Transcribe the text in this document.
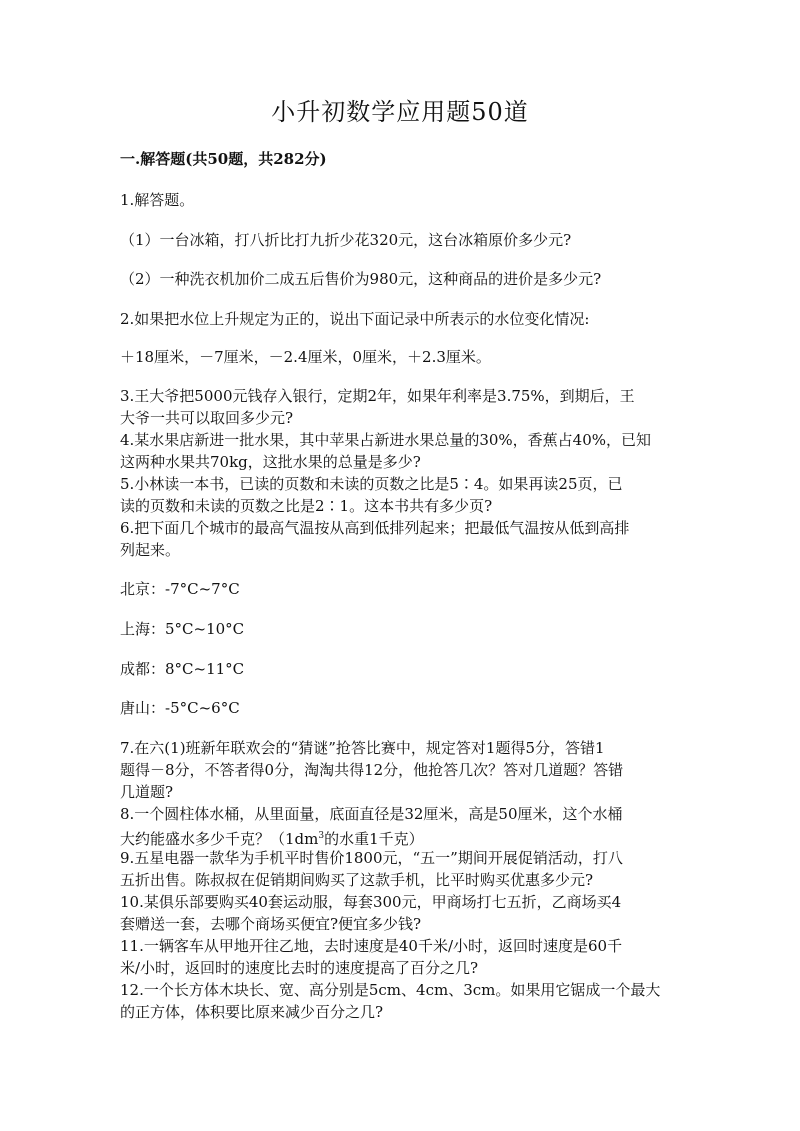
小升初数学应用题50道
一.解答题(共50题，共282分)
1.解答题。
（1）一台冰箱，打八折比打九折少花320元，这台冰箱原价多少元?
（2）一种洗衣机加价二成五后售价为980元，这种商品的进价是多少元?
2.如果把水位上升规定为正的，说出下面记录中所表示的水位变化情况:
＋18厘米，－7厘米，－2.4厘米，0厘米，＋2.3厘米。
3.王大爷把5000元钱存入银行，定期2年，如果年利率是3.75%，到期后，王
大爷一共可以取回多少元?
4.某水果店新进一批水果，其中苹果占新进水果总量的30%，香蕉占40%，已知
这两种水果共70kg，这批水果的总量是多少?
5.小林读一本书，已读的页数和未读的页数之比是5∶4。如果再读25页，已
读的页数和未读的页数之比是2∶1。这本书共有多少页?
6.把下面几个城市的最高气温按从高到低排列起来；把最低气温按从低到高排
列起来。
北京：-7°C~7°C
上海：5°C~10°C
成都：8°C~11°C
唐山：-5°C~6°C
7.在六(1)班新年联欢会的“猜谜”抢答比赛中，规定答对1题得5分，答错1
题得－8分，不答者得0分，淘淘共得12分，他抢答几次？答对几道题？答错
几道题?
8.一个圆柱体水桶，从里面量，底面直径是32厘米，高是50厘米，这个水桶
大约能盛水多少千克？（$1dm^3$的水重1千克）
9.五星电器一款华为手机平时售价1800元，“五一”期间开展促销活动，打八
五折出售。陈叔叔在促销期间购买了这款手机，比平时购买优惠多少元?
10.某俱乐部要购买40套运动服，每套300元，甲商场打七五折，乙商场买4
套赠送一套，去哪个商场买便宜?便宜多少钱?
11.一辆客车从甲地开往乙地，去时速度是40千米/小时，返回时速度是60千
米/小时，返回时的速度比去时的速度提高了百分之几?
12.一个长方体木块长、宽、高分别是5cm、4cm、3cm。如果用它锯成一个最大
的正方体，体积要比原来减少百分之几?
